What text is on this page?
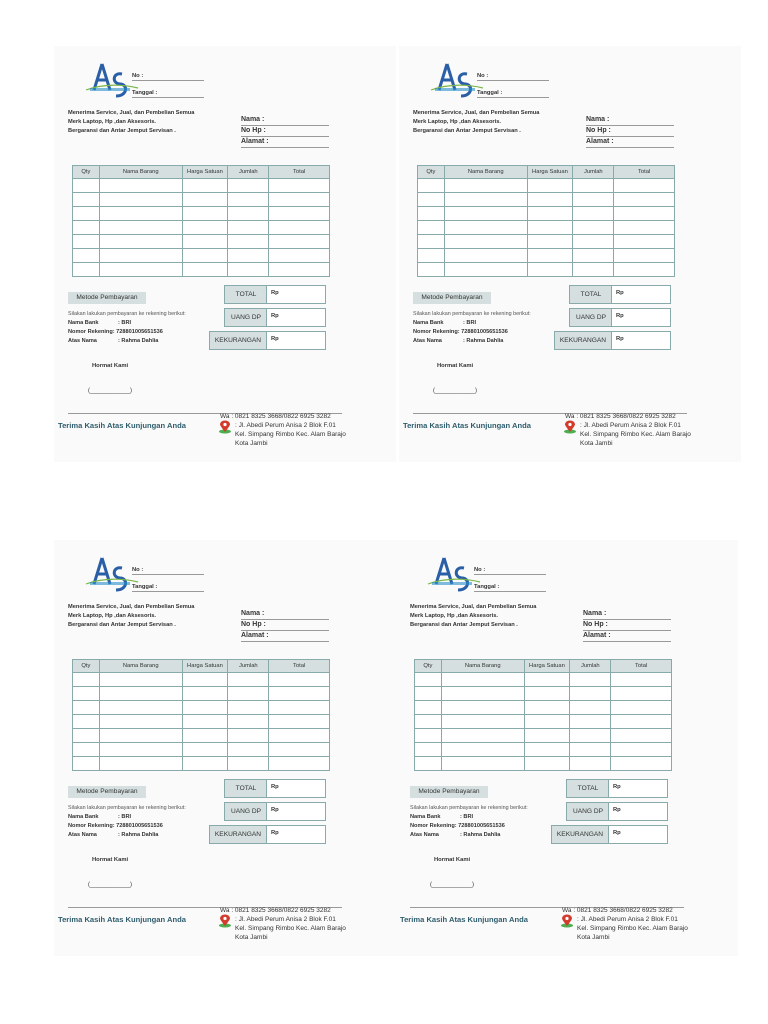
No :
Tanggal :
Menerima Service, Jual, dan Pembelian Semua
Merk Laptop, Hp ,dan Aksesoris.
Bergaransi dan Antar Jemput Servisan .
Nama :
No Hp :
Alamat :
Qty	Nama Barang	Harga Satuan	Jumlah	Total

Metode Pembayaran	TOTAL	Rp
UANG DP	Rp
KEKURANGAN	Rp
Silakan lakukan pembayaran ke rekening berikut:
Nama Bank	: BRI
Nomor Rekening: 728801005651536
Atas Nama	: Rahma Dahlia
Hormat Kami
(____________)
Terima Kasih Atas Kunjungan Anda
Wa : 0821 8325 3668/0822 6925 3282
: Jl. Abedi Perum Anisa 2 Blok F.01
Kel. Simpang Rimbo Kec. Alam Barajo
Kota Jambi
No :
Tanggal :
Menerima Service, Jual, dan Pembelian Semua
Merk Laptop, Hp ,dan Aksesoris.
Bergaransi dan Antar Jemput Servisan .
Nama :
No Hp :
Alamat :
Qty	Nama Barang	Harga Satuan	Jumlah	Total

Metode Pembayaran	TOTAL	Rp
UANG DP	Rp
KEKURANGAN	Rp
Silakan lakukan pembayaran ke rekening berikut:
Nama Bank	: BRI
Nomor Rekening: 728801005651536
Atas Nama	: Rahma Dahlia
Hormat Kami
(____________)
Terima Kasih Atas Kunjungan Anda
Wa : 0821 8325 3668/0822 6925 3282
: Jl. Abedi Perum Anisa 2 Blok F.01
Kel. Simpang Rimbo Kec. Alam Barajo
Kota Jambi
No :
Tanggal :
Menerima Service, Jual, dan Pembelian Semua
Merk Laptop, Hp ,dan Aksesoris.
Bergaransi dan Antar Jemput Servisan .
Nama :
No Hp :
Alamat :
Qty	Nama Barang	Harga Satuan	Jumlah	Total

Metode Pembayaran	TOTAL	Rp
UANG DP	Rp
KEKURANGAN	Rp
Silakan lakukan pembayaran ke rekening berikut:
Nama Bank	: BRI
Nomor Rekening: 728801005651536
Atas Nama	: Rahma Dahlia
Hormat Kami
(____________)
Terima Kasih Atas Kunjungan Anda
Wa : 0821 8325 3668/0822 6925 3282
: Jl. Abedi Perum Anisa 2 Blok F.01
Kel. Simpang Rimbo Kec. Alam Barajo
Kota Jambi
No :
Tanggal :
Menerima Service, Jual, dan Pembelian Semua
Merk Laptop, Hp ,dan Aksesoris.
Bergaransi dan Antar Jemput Servisan .
Nama :
No Hp :
Alamat :
Qty	Nama Barang	Harga Satuan	Jumlah	Total

Metode Pembayaran	TOTAL	Rp
UANG DP	Rp
KEKURANGAN	Rp
Silakan lakukan pembayaran ke rekening berikut:
Nama Bank	: BRI
Nomor Rekening: 728801005651536
Atas Nama	: Rahma Dahlia
Hormat Kami
(____________)
Terima Kasih Atas Kunjungan Anda
Wa : 0821 8325 3668/0822 6925 3282
: Jl. Abedi Perum Anisa 2 Blok F.01
Kel. Simpang Rimbo Kec. Alam Barajo
Kota Jambi
